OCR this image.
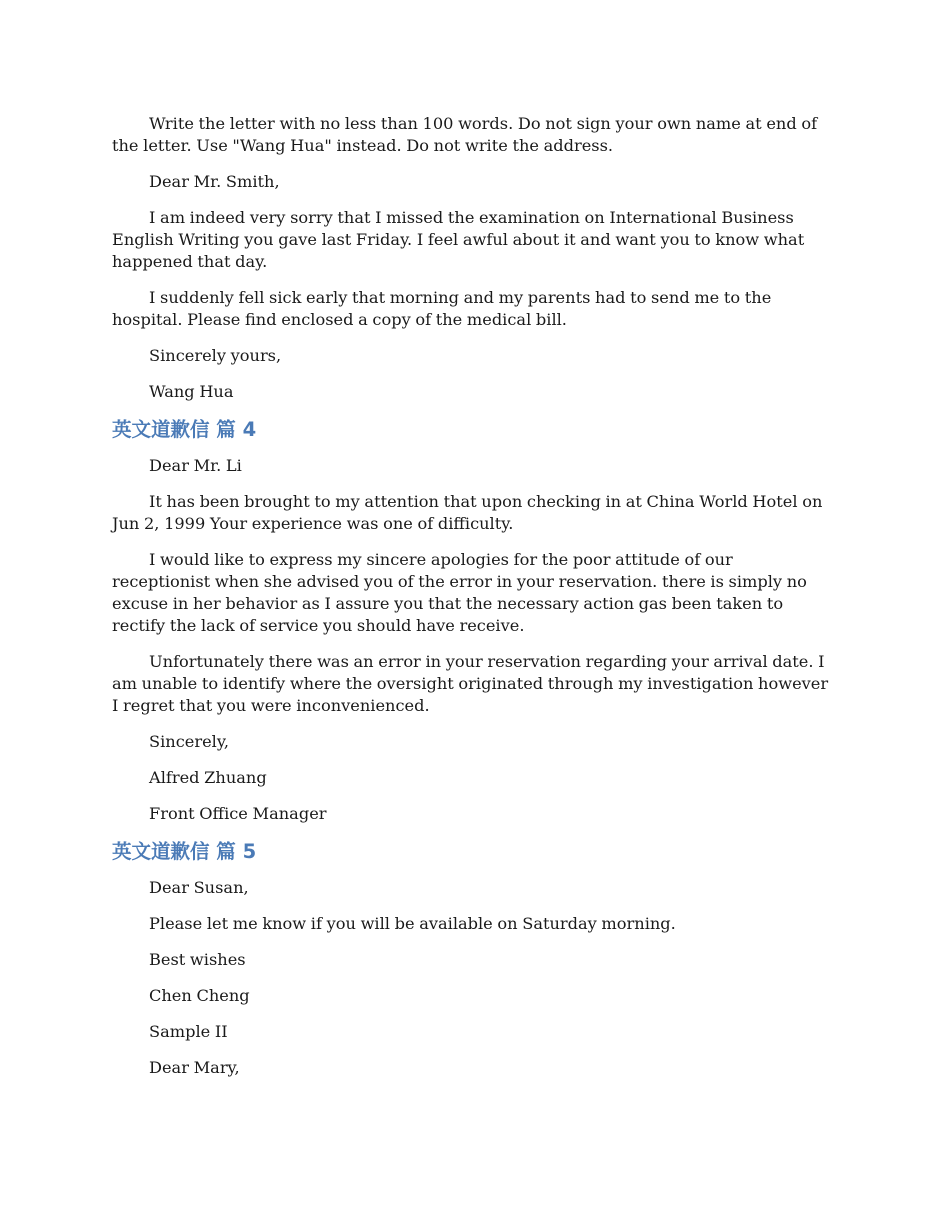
Write the letter with no less than 100 words. Do not sign your own name at end of the letter. Use "Wang Hua" instead. Do not write the address.

Dear Mr. Smith,

I am indeed very sorry that I missed the examination on International Business English Writing you gave last Friday. I feel awful about it and want you to know what happened that day.

I suddenly fell sick early that morning and my parents had to send me to the hospital. Please find enclosed a copy of the medical bill.

Sincerely yours,

Wang Hua

英文道歉信 篇 4

Dear Mr. Li

It has been brought to my attention that upon checking in at China World Hotel on Jun 2, 1999 Your experience was one of difficulty.

I would like to express my sincere apologies for the poor attitude of our receptionist when she advised you of the error in your reservation. there is simply no excuse in her behavior as I assure you that the necessary action gas been taken to rectify the lack of service you should have receive.

Unfortunately there was an error in your reservation regarding your arrival date. I am unable to identify where the oversight originated through my investigation however I regret that you were inconvenienced.

Sincerely,

Alfred Zhuang

Front Office Manager

英文道歉信 篇 5

Dear Susan,

Please let me know if you will be available on Saturday morning.

Best wishes

Chen Cheng

Sample II

Dear Mary,
